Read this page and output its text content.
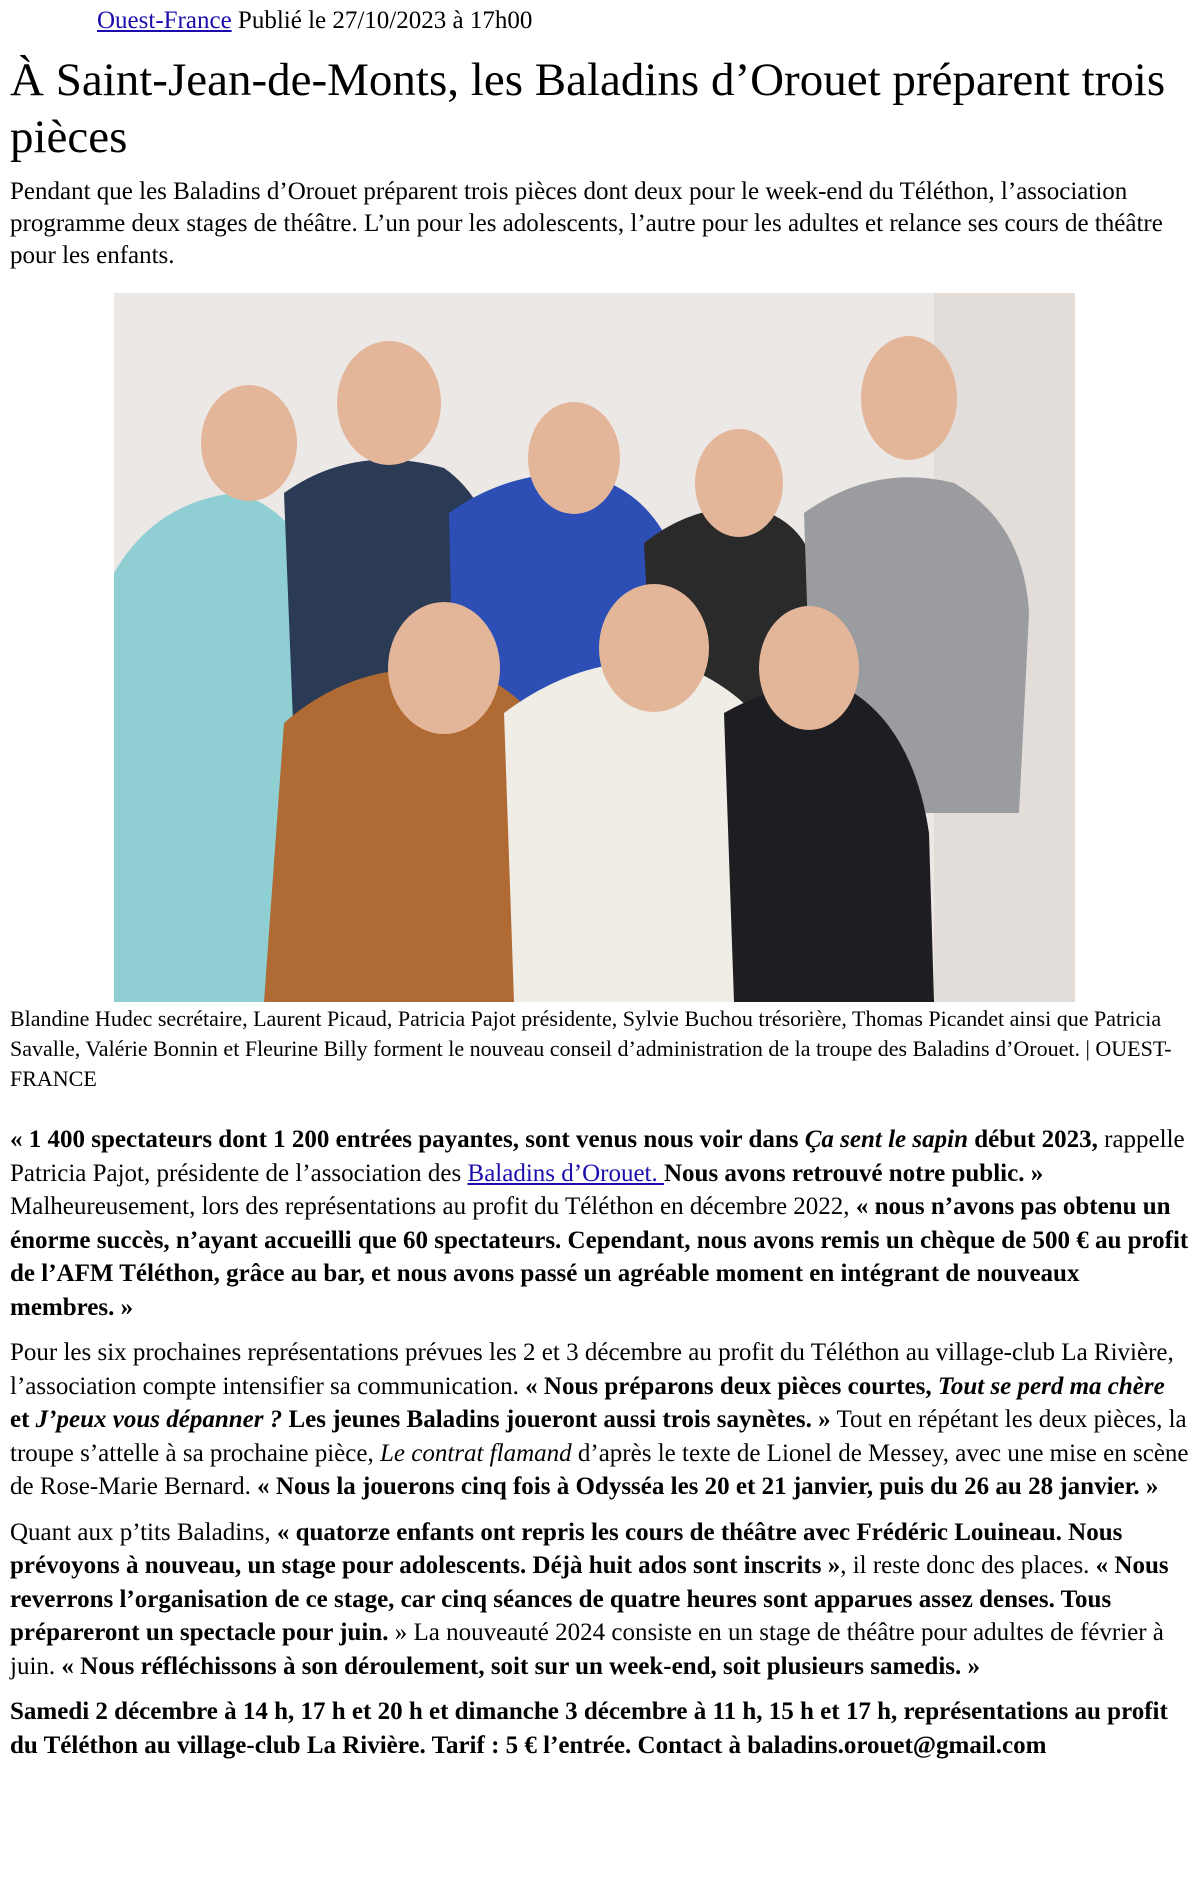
Ouest-France Publié le 27/10/2023 à 17h00
À Saint-Jean-de-Monts, les Baladins d’Orouet préparent trois pièces

Pendant que les Baladins d’Orouet préparent trois pièces dont deux pour le week-end du Téléthon, l’association programme deux stages de théâtre. L’un pour les adolescents, l’autre pour les adultes et relance ses cours de théâtre pour les enfants.

Blandine Hudec secrétaire, Laurent Picaud, Patricia Pajot présidente, Sylvie Buchou trésorière, Thomas Picandet ainsi que Patricia Savalle, Valérie Bonnin et Fleurine Billy forment le nouveau conseil d’administration de la troupe des Baladins d’Orouet. | OUEST-FRANCE

« 1 400 spectateurs dont 1 200 entrées payantes, sont venus nous voir dans Ça sent le sapin début 2023, rappelle Patricia Pajot, présidente de l’association des Baladins d’Orouet. Nous avons retrouvé notre public. »

Malheureusement, lors des représentations au profit du Téléthon en décembre 2022, « nous n’avons pas obtenu un énorme succès, n’ayant accueilli que 60 spectateurs. Cependant, nous avons remis un chèque de 500 € au profit de l’AFM Téléthon, grâce au bar, et nous avons passé un agréable moment en intégrant de nouveaux membres. »

Pour les six prochaines représentations prévues les 2 et 3 décembre au profit du Téléthon au village-club La Rivière, l’association compte intensifier sa communication. « Nous préparons deux pièces courtes, Tout se perd ma chère et J’peux vous dépanner ? Les jeunes Baladins joueront aussi trois saynètes. » Tout en répétant les deux pièces, la troupe s’attelle à sa prochaine pièce, Le contrat flamand d’après le texte de Lionel de Messey, avec une mise en scène de Rose-Marie Bernard. « Nous la jouerons cinq fois à Odysséa les 20 et 21 janvier, puis du 26 au 28 janvier. »

Quant aux p’tits Baladins, « quatorze enfants ont repris les cours de théâtre avec Frédéric Louineau. Nous prévoyons à nouveau, un stage pour adolescents. Déjà huit ados sont inscrits », il reste donc des places. « Nous reverrons l’organisation de ce stage, car cinq séances de quatre heures sont apparues assez denses. Tous prépareront un spectacle pour juin. » La nouveauté 2024 consiste en un stage de théâtre pour adultes de février à juin. « Nous réfléchissons à son déroulement, soit sur un week-end, soit plusieurs samedis. »

Samedi 2 décembre à 14 h, 17 h et 20 h et dimanche 3 décembre à 11 h, 15 h et 17 h, représentations au profit du Téléthon au village-club La Rivière. Tarif : 5 € l’entrée. Contact à baladins.orouet@gmail.com
